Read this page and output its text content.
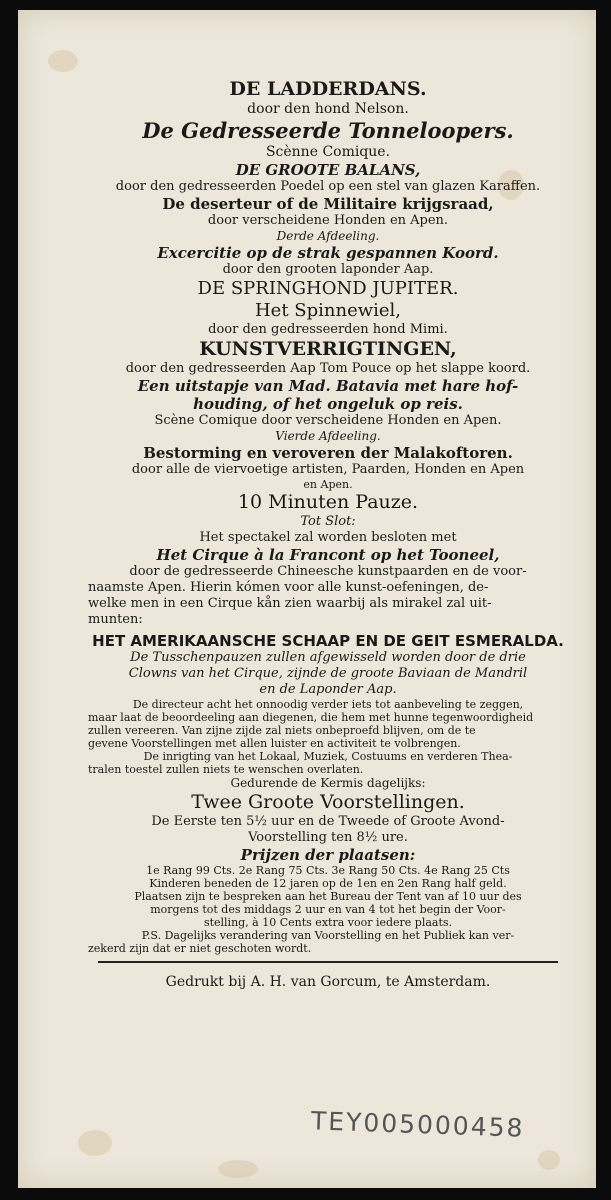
DE LADDERDANS.

door den hond Nelson.

De Gedresseerde Tonneloopers.

Scènne Comique.

DE GROOTE BALANS,

door den gedresseerden Poedel op een stel van glazen Karaffen.

De deserteur of de Militaire krijgsraad,

door verscheidene Honden en Apen.

Derde Afdeeling.

Excercitie op de strak gespannen Koord.

door den grooten laponder Aap.

DE SPRINGHOND JUPITER.

Het Spinnewiel,

door den gedresseerden hond Mimi.

KUNSTVERRIGTINGEN,

door den gedresseerden Aap Tom Pouce op het slappe koord.

Een uitstapje van Mad. Batavia met hare hof-

houding, of het ongeluk op reis.

Scène Comique door verscheidene Honden en Apen.

Vierde Afdeeling.

Bestorming en veroveren der Malakoftoren.

door alle de viervoetige artisten, Paarden, Honden en Apen

en Apen.

10 Minuten Pauze.

Tot Slot:

Het spectakel zal worden besloten met

Het Cirque à la Francont op het Tooneel,

door de gedresseerde Chineesche kunstpaarden en de voor-

naamste Apen. Hierin kómen voor alle kunst-oefeningen, de-

welke men in een Cirque kån zien waarbij als mirakel zal uit-

munten:

HET AMERIKAANSCHE SCHAAP EN DE GEIT ESMERALDA.

De Tusschenpauzen zullen afgewisseld worden door de drie

Clowns van het Cirque, zijnde de groote Baviaan de Mandril

en de Laponder Aap.

De directeur acht het onnoodig verder iets tot aanbeveling te zeggen,

maar laat de beoordeeling aan diegenen, die hem met hunne tegenwoordigheid

zullen vereeren. Van zijne zijde zal niets onbeproefd blijven, om de te

gevene Voorstellingen met allen luister en activiteit te volbrengen.

De inrigting van het Lokaal, Muziek, Costuums en verderen Thea-

tralen toestel zullen niets te wenschen overlaten.

Gedurende de Kermis dagelijks:

Twee Groote Voorstellingen.

De Eerste ten 5½ uur en de Tweede of Groote Avond-

Voorstelling ten 8½ ure.

Prijzen der plaatsen:

1e Rang 99 Cts. 2e Rang 75 Cts. 3e Rang 50 Cts. 4e Rang 25 Cts

Kinderen beneden de 12 jaren op de 1en en 2en Rang half geld.

Plaatsen zijn te bespreken aan het Bureau der Tent van af 10 uur des

morgens tot des middags 2 uur en van 4 tot het begin der Voor-

stelling, à 10 Cents extra voor iedere plaats.

P.S. Dagelijks verandering van Voorstelling en het Publiek kan ver-

zekerd zijn dat er niet geschoten wordt.

Gedrukt bij A. H. van Gorcum, te Amsterdam.

TEY005000458
